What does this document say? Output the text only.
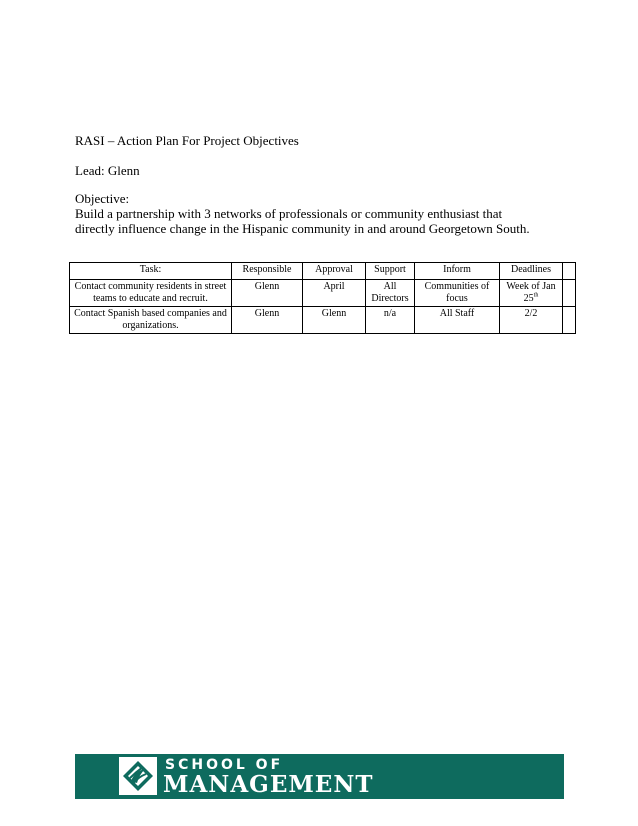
RASI – Action Plan For Project Objectives
Lead: Glenn
Objective:
Build a partnership with 3 networks of professionals or community enthusiast that directly influence change in the Hispanic community in and around Georgetown South.
Task:	Responsible	Approval	Support	Inform	Deadlines	
Contact community residents in street teams to educate and recruit.	Glenn	April	All Directors	Communities of focus	Week of Jan 25th	
Contact Spanish based companies and organizations.	Glenn	Glenn	n/a	All Staff	2/2	
SCHOOL OF
MANAGEMENT
